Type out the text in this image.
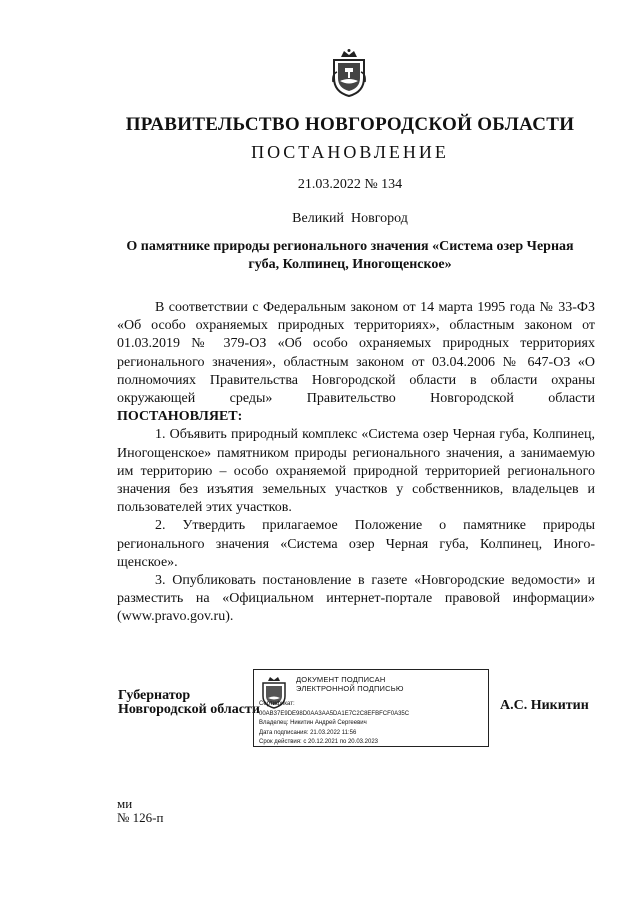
ПРАВИТЕЛЬСТВО НОВГОРОДСКОЙ ОБЛАСТИ
ПОСТАНОВЛЕНИЕ
21.03.2022 № 134
Великий  Новгород
О памятнике природы регионального значения «Система озер Черная губа, Колпинец, Иногощенское»

В соответствии с Федеральным законом от 14 марта 1995 года № 33-ФЗ «Об особо охраняемых природных территориях», областным законом от 01.03.2019 № 379-ОЗ «Об особо охраняемых природных территориях регионального значения», областным законом от 03.04.2006 № 647-ОЗ «О полномочиях Правительства Новгородской области в области охраны окружающей среды» Правительство Новгородской области ПОСТАНОВЛЯЕТ:

1. Объявить природный комплекс «Система озер Черная губа, Колпинец, Иногощенское» памятником природы регионального значения, а занимаемую им территорию – особо охраняемой природной территорией регионального значения без изъятия земельных участков у собственников, владельцев и пользователей этих участков.

2. Утвердить прилагаемое Положение о памятнике природы регионального значения «Система озер Черная губа, Колпинец, Иногощенское».

3. Опубликовать постановление в газете «Новгородские ведомости» и разместить на «Официальном интернет-портале правовой информации» (www.pravo.gov.ru).

Губернатор
Новгородской области
ДОКУМЕНТ ПОДПИСАН
ЭЛЕКТРОННОЙ ПОДПИСЬЮ
Сертификат:
00AB37E9DE98D0AA3AA5DA1E7C2C8EFBFCF0A35C
Владелец: Никитин Андрей Сергеевич
Дата подписания: 21.03.2022 11:56
Срок действия: с 20.12.2021 по 20.03.2023
А.С. Никитин
ми
№ 126-п
